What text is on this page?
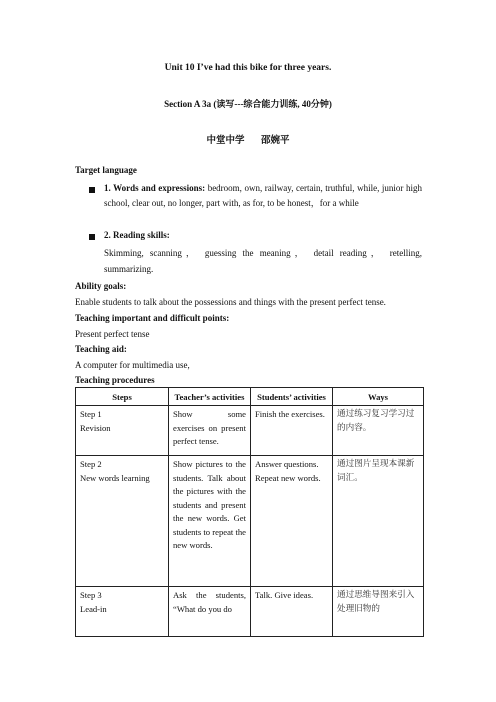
Unit 10 I’ve had this bike for three years.
Section A 3a (读写---综合能力训练, 40分钟)
中堂中学 邵婉平
Target language
1. Words and expressions: bedroom, own, railway, certain, truthful, while, junior high school, clear out, no longer, part with, as for, to be honest，for a while
2. Reading skills:
Skimming, scanning， guessing the meaning， detail reading， retelling,
summarizing.
Ability goals:
Enable students to talk about the possessions and things with the present perfect tense.
Teaching important and difficult points:
Present perfect tense
Teaching aid:
A computer for multimedia use,
Teaching procedures
Steps	Teacher’s activities	Students’ activities	Ways

Step 1
Revision	Show some exercises on present perfect tense.	Finish the exercises.	通过练习复习学习过的内容。

Step 2
New words learning	Show pictures to the students. Talk about the pictures with the students and present the new words. Get students to repeat the new words.	Answer questions. Repeat new words.	通过图片呈现本课新词汇。

Step 3
Lead-in	Ask the students, “What do you do	Talk. Give ideas.	通过思维导图来引入处理旧物的
